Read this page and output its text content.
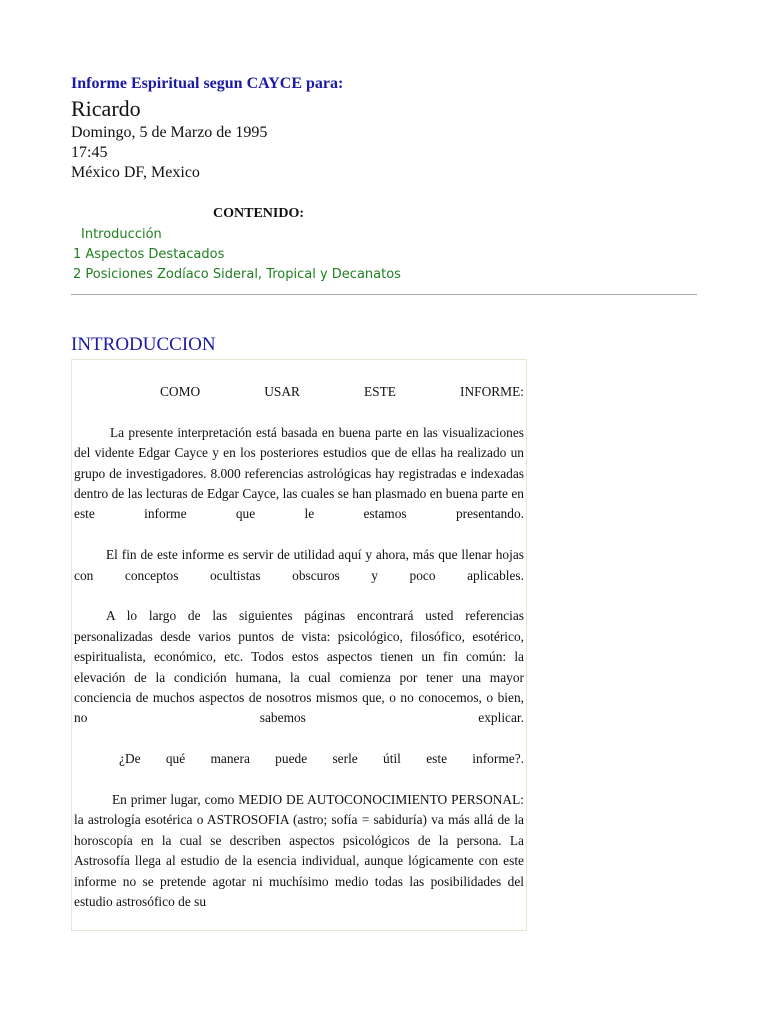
Informe Espiritual segun CAYCE para:
Ricardo
Domingo, 5 de Marzo de 1995
17:45
México DF, Mexico
CONTENIDO:
Introducción
1 Aspectos Destacados
2 Posiciones Zodíaco Sideral, Tropical y Decanatos
INTRODUCCION

COMO USAR ESTE INFORME:

La presente interpretación está basada en buena parte en las visualizaciones del vidente Edgar Cayce y en los posteriores estudios que de ellas ha realizado un grupo de investigadores. 8.000 referencias astrológicas hay registradas e indexadas dentro de las lecturas de Edgar Cayce, las cuales se han plasmado en buena parte en este informe que le estamos presentando.

El fin de este informe es servir de utilidad aquí y ahora, más que llenar hojas con conceptos ocultistas obscuros y poco aplicables.

A lo largo de las siguientes páginas encontrará usted referencias personalizadas desde varios puntos de vista: psicológico, filosófico, esotérico, espiritualista, económico, etc. Todos estos aspectos tienen un fin común: la elevación de la condición humana, la cual comienza por tener una mayor conciencia de muchos aspectos de nosotros mismos que, o no conocemos, o bien, no sabemos explicar.

¿De qué manera puede serle útil este informe?.

En primer lugar, como MEDIO DE AUTOCONOCIMIENTO PERSONAL: la astrología esotérica o ASTROSOFIA (astro; sofía = sabiduría) va más allá de la horoscopía en la cual se describen aspectos psicológicos de la persona. La Astrosofía llega al estudio de la esencia individual, aunque lógicamente con este informe no se pretende agotar ni muchísimo medio todas las posibilidades del estudio astrosófico de su
